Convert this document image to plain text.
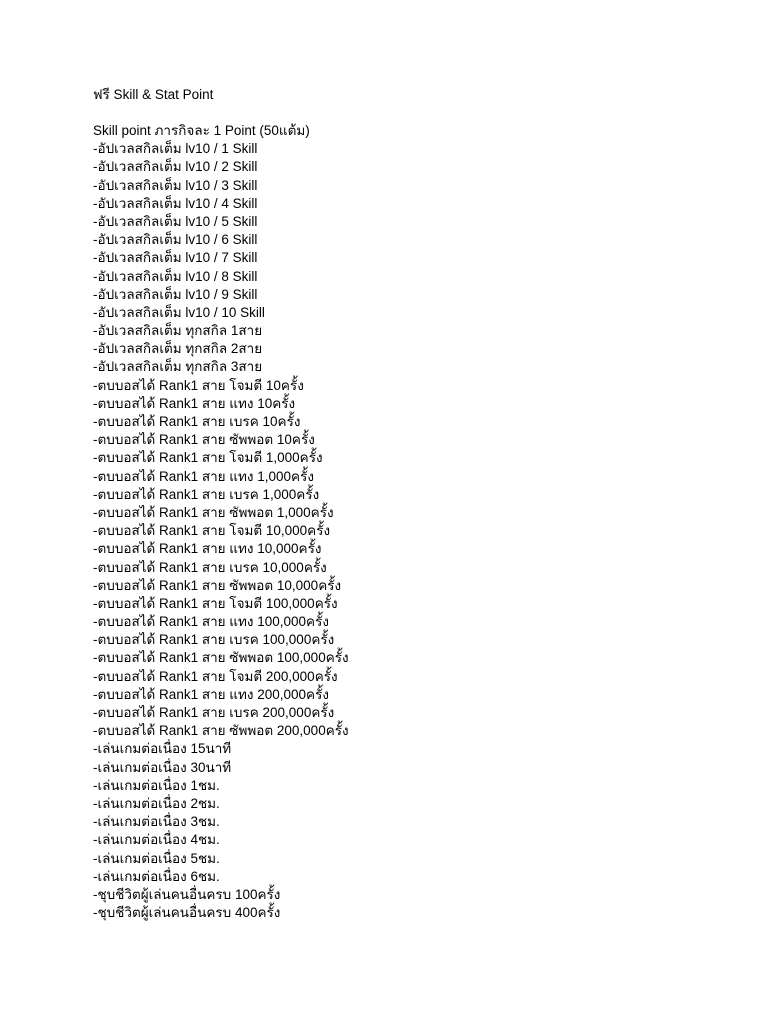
ฟรี Skill & Stat Point
Skill point ภารกิจละ 1 Point (50แต้ม)
-อัปเวลสกิลเต็ม lv10 / 1 Skill
-อัปเวลสกิลเต็ม lv10 / 2 Skill
-อัปเวลสกิลเต็ม lv10 / 3 Skill
-อัปเวลสกิลเต็ม lv10 / 4 Skill
-อัปเวลสกิลเต็ม lv10 / 5 Skill
-อัปเวลสกิลเต็ม lv10 / 6 Skill
-อัปเวลสกิลเต็ม lv10 / 7 Skill
-อัปเวลสกิลเต็ม lv10 / 8 Skill
-อัปเวลสกิลเต็ม lv10 / 9 Skill
-อัปเวลสกิลเต็ม lv10 / 10 Skill
-อัปเวลสกิลเต็ม ทุกสกิล 1สาย
-อัปเวลสกิลเต็ม ทุกสกิล 2สาย
-อัปเวลสกิลเต็ม ทุกสกิล 3สาย
-ตบบอสได้ Rank1 สาย โจมตี 10ครั้ง
-ตบบอสได้ Rank1 สาย แทง 10ครั้ง
-ตบบอสได้ Rank1 สาย เบรค 10ครั้ง
-ตบบอสได้ Rank1 สาย ซัพพอต 10ครั้ง
-ตบบอสได้ Rank1 สาย โจมตี 1,000ครั้ง
-ตบบอสได้ Rank1 สาย แทง 1,000ครั้ง
-ตบบอสได้ Rank1 สาย เบรค 1,000ครั้ง
-ตบบอสได้ Rank1 สาย ซัพพอต 1,000ครั้ง
-ตบบอสได้ Rank1 สาย โจมตี 10,000ครั้ง
-ตบบอสได้ Rank1 สาย แทง 10,000ครั้ง
-ตบบอสได้ Rank1 สาย เบรค 10,000ครั้ง
-ตบบอสได้ Rank1 สาย ซัพพอต 10,000ครั้ง
-ตบบอสได้ Rank1 สาย โจมตี 100,000ครั้ง
-ตบบอสได้ Rank1 สาย แทง 100,000ครั้ง
-ตบบอสได้ Rank1 สาย เบรค 100,000ครั้ง
-ตบบอสได้ Rank1 สาย ซัพพอต 100,000ครั้ง
-ตบบอสได้ Rank1 สาย โจมตี 200,000ครั้ง
-ตบบอสได้ Rank1 สาย แทง 200,000ครั้ง
-ตบบอสได้ Rank1 สาย เบรค 200,000ครั้ง
-ตบบอสได้ Rank1 สาย ซัพพอต 200,000ครั้ง
-เล่นเกมต่อเนื่อง 15นาที
-เล่นเกมต่อเนื่อง 30นาที
-เล่นเกมต่อเนื่อง 1ชม.
-เล่นเกมต่อเนื่อง 2ชม.
-เล่นเกมต่อเนื่อง 3ชม.
-เล่นเกมต่อเนื่อง 4ชม.
-เล่นเกมต่อเนื่อง 5ชม.
-เล่นเกมต่อเนื่อง 6ชม.
-ชุบชีวิตผู้เล่นคนอื่นครบ 100ครั้ง
-ชุบชีวิตผู้เล่นคนอื่นครบ 400ครั้ง
